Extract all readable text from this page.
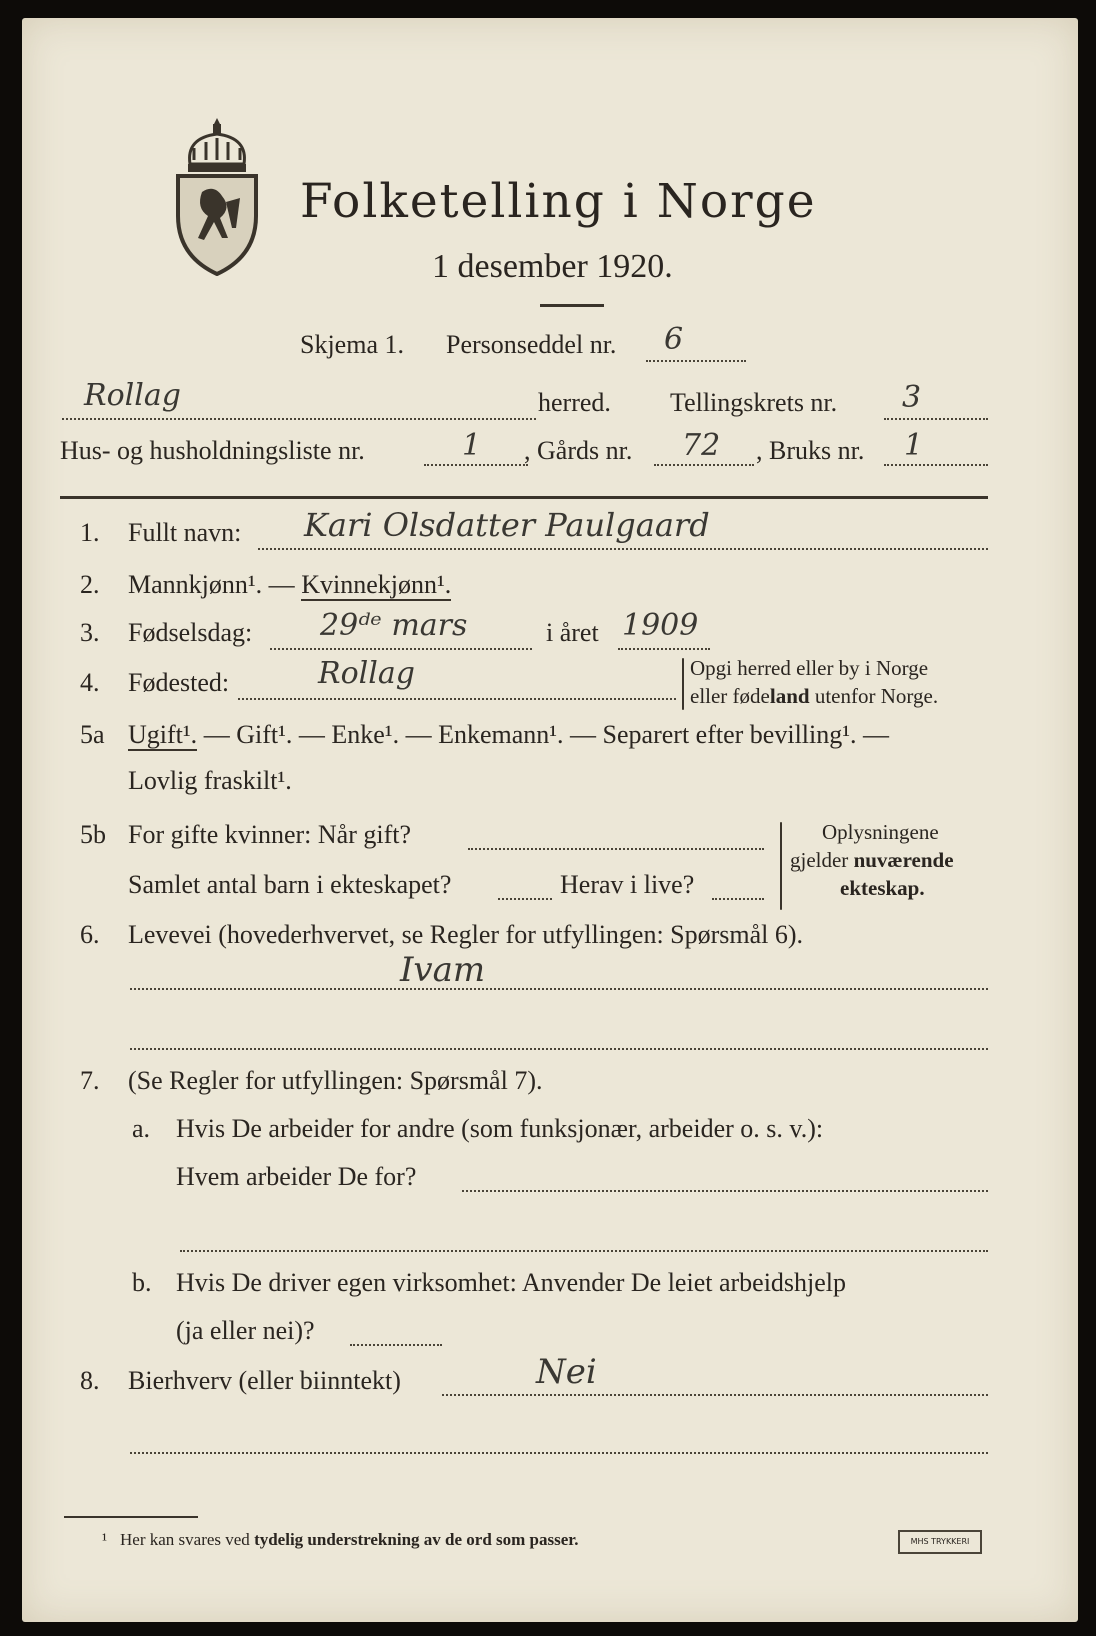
Folketelling i Norge
1 desember 1920.
Skjema 1. Personseddel nr. 6
Rollag	herred. Tellingskrets nr. 3
Hus- og husholdningsliste nr.	1 , Gårds nr. 72 , Bruks nr. 1
1. Fullt navn: Kari Olsdatter Paulgaard
2. Mannkjønn¹. — Kvinnekjønn¹.
3. Fødselsdag: 29ᵈᵉ mars	i året 1909
4. Fødested:	Rollag	Opgi herred eller by i Norge
eller fødeland utenfor Norge.
5a Ugift¹. — Gift¹. — Enke¹. — Enkemann¹. — Separert efter bevilling¹. —
Lovlig fraskilt¹.
5b For gifte kvinner: Når gift?
Samlet antal barn i ekteskapet?	Herav i live?
Oplysningene
gjelder nuværende
ekteskap.
6. Levevei (hovederhvervet, se Regler for utfyllingen: Spørsmål 6).
Ivam
7. (Se Regler for utfyllingen: Spørsmål 7).
a. Hvis De arbeider for andre (som funksjonær, arbeider o. s. v.):
Hvem arbeider De for?
b. Hvis De driver egen virksomhet: Anvender De leiet arbeidshjelp
(ja eller nei)?
8. Bierhverv (eller biinntekt)	Nei
¹ Her kan svares ved tydelig understrekning av de ord som passer.	MHS TRYKKERI
